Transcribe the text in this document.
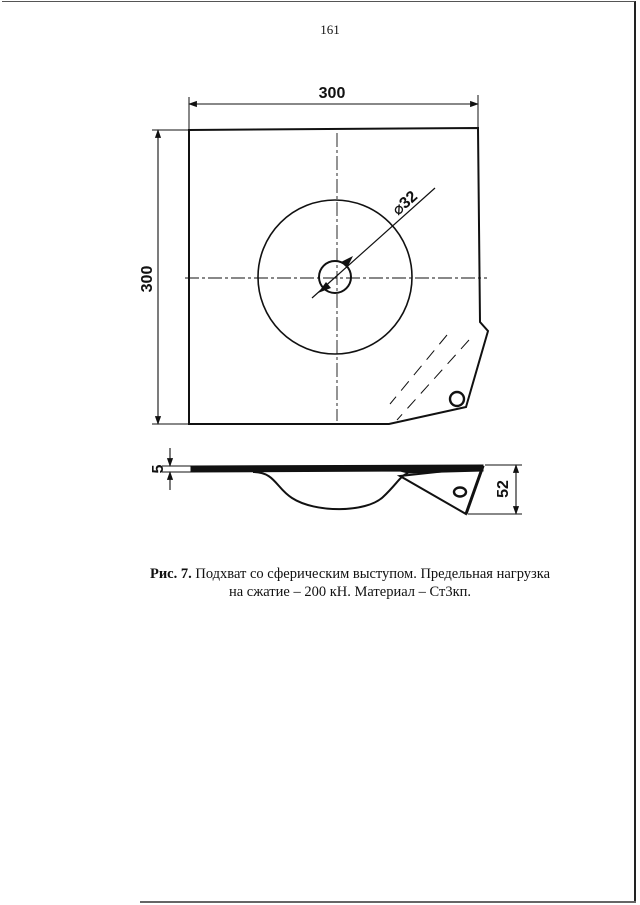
161
⌀32
300
300
5
52
Рис. 7. Подхват со сферическим выступом. Предельная нагрузка
на сжатие – 200 кН. Материал – Ст3кп.
